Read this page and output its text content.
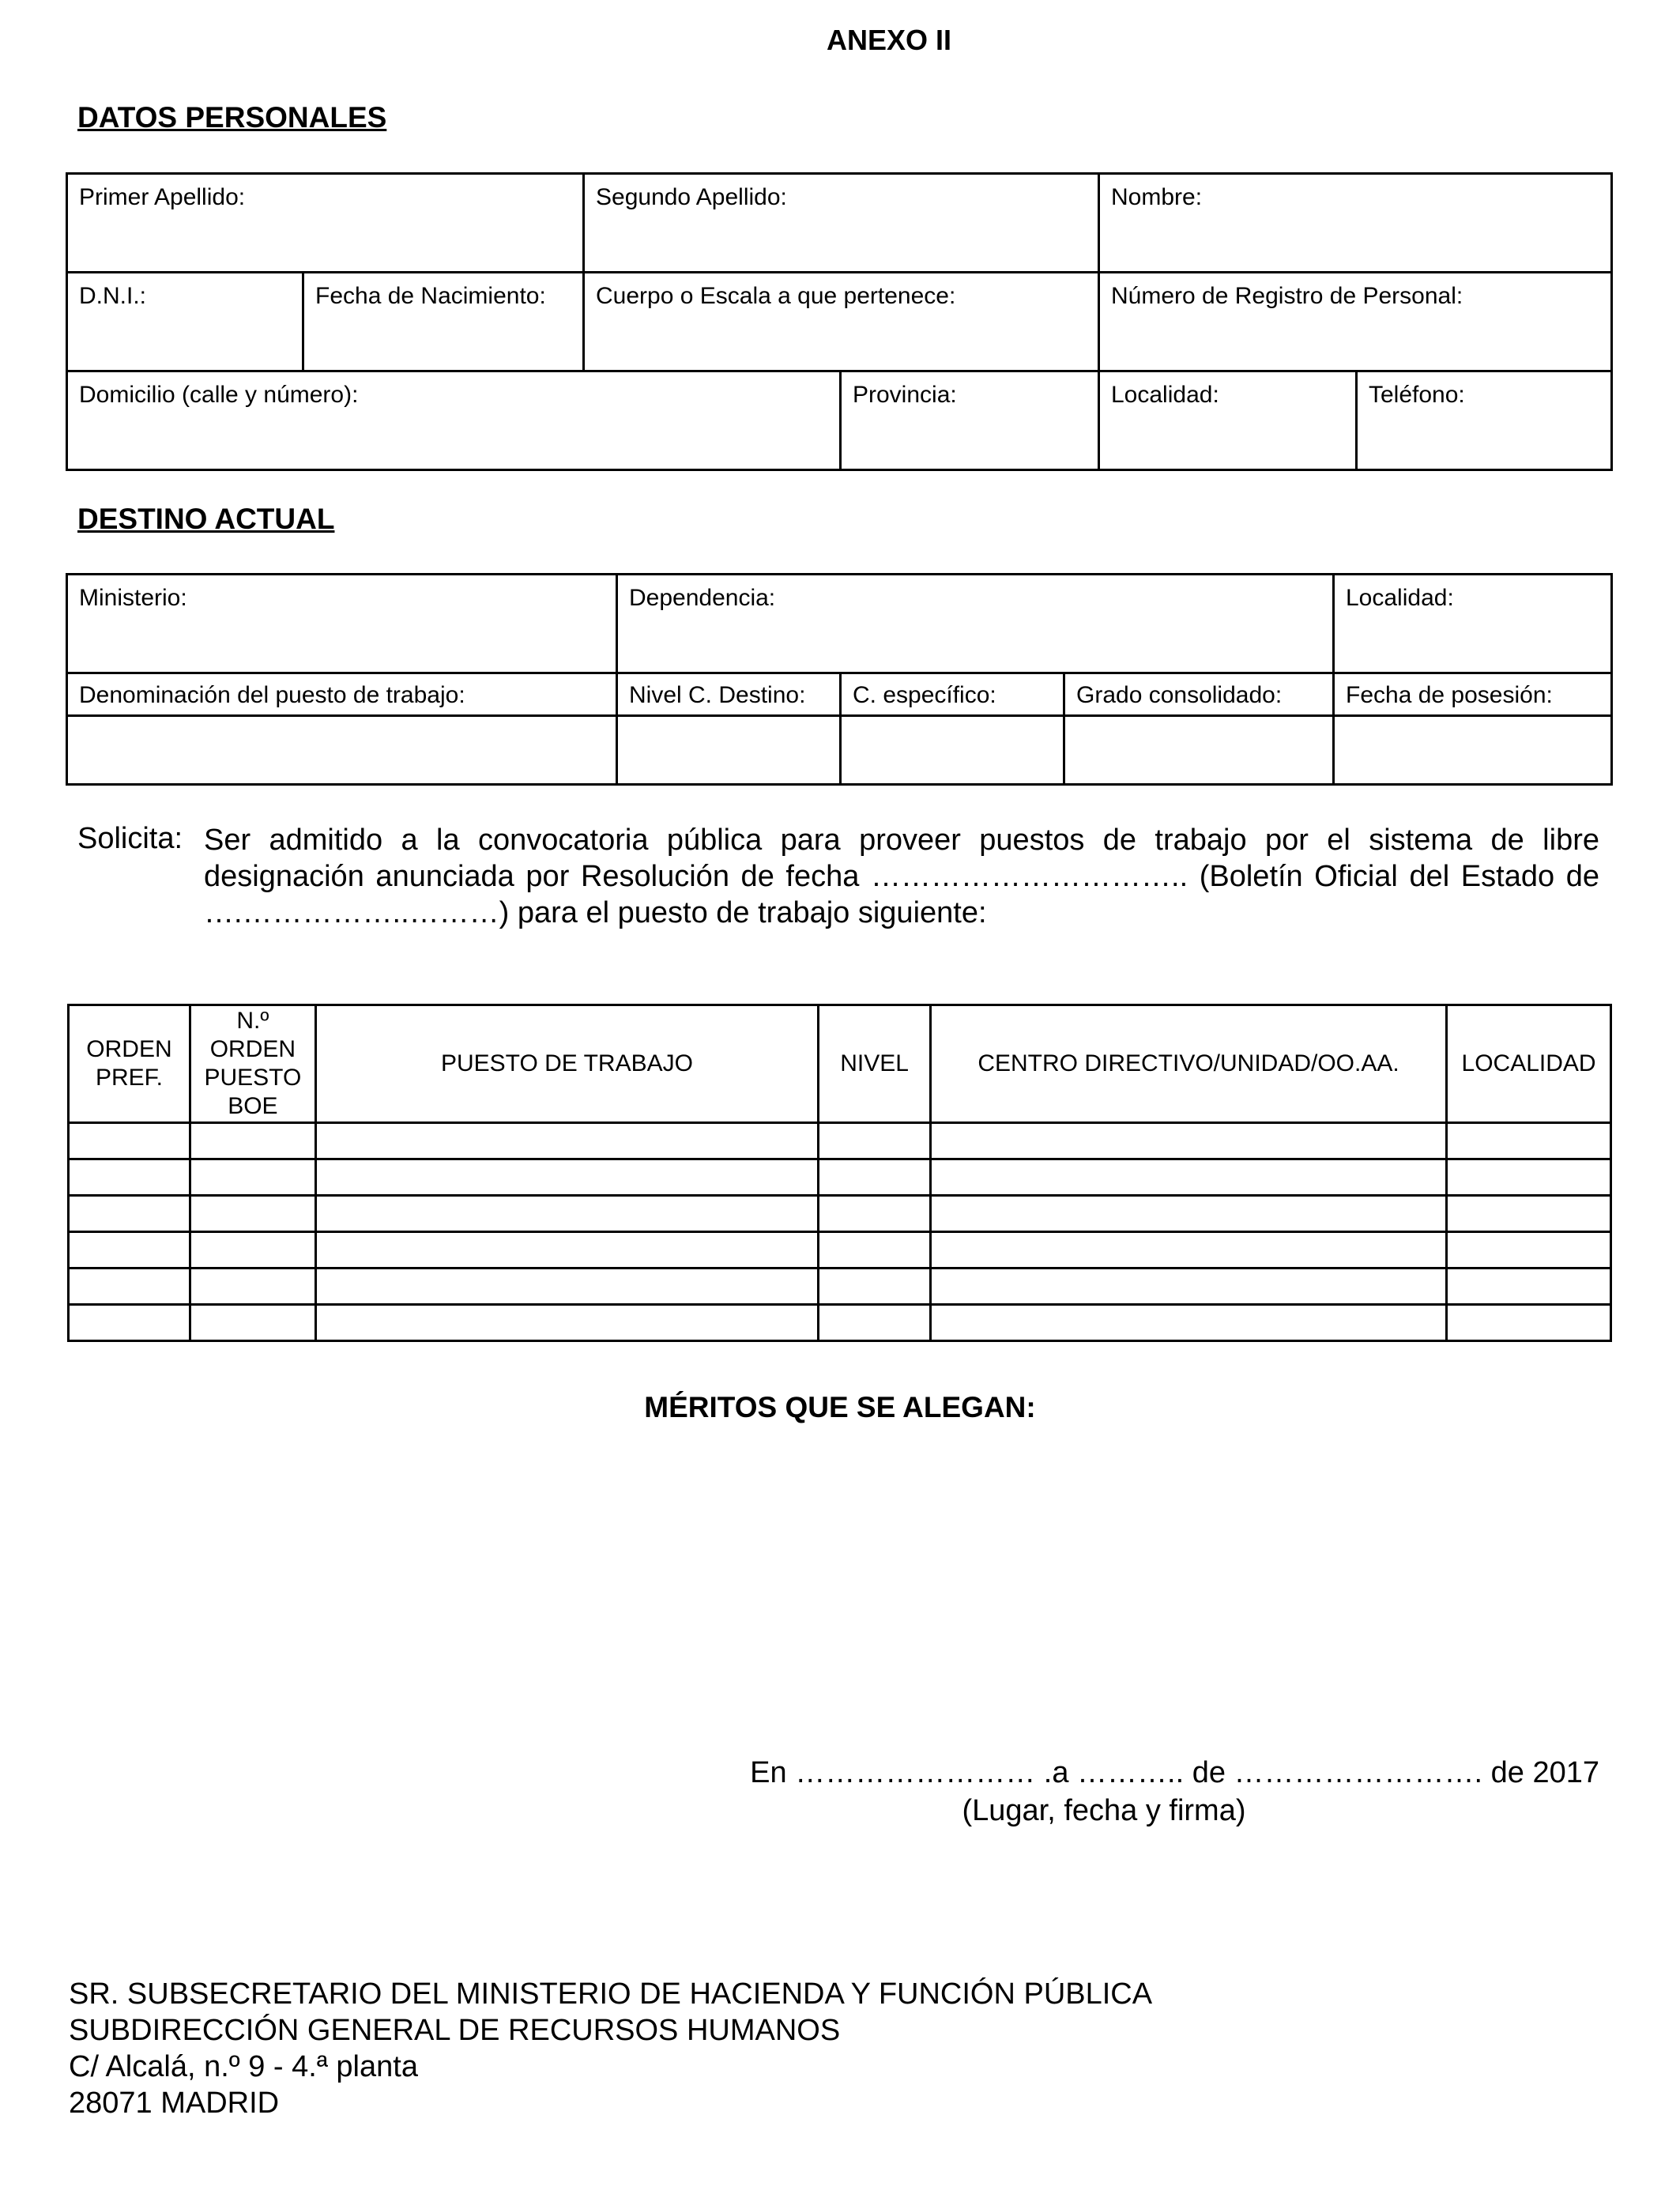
ANEXO II
DATOS PERSONALES
Primer Apellido:	Segundo Apellido:	Nombre:
D.N.I.:	Fecha de Nacimiento: Cuerpo o Escala a que pertenece:	Número de Registro de Personal:
Domicilio (calle y número):	Provincia:	Localidad:	Teléfono:
DESTINO ACTUAL
Ministerio:	Dependencia:	Localidad:
Denominación del puesto de trabajo:	Nivel C. Destino: C. específico:	Grado consolidado:	Fecha de posesión:
Solicita: Ser admitido a la convocatoria pública para proveer puestos de trabajo por el sistema de libre designación anunciada por Resolución de fecha ………………………….. (Boletín Oficial del Estado de ….……………..………) para el puesto de trabajo siguiente:
ORDEN PREF.	N.º ORDEN PUESTO BOE	PUESTO DE TRABAJO	NIVEL	CENTRO DIRECTIVO/UNIDAD/OO.AA.	LOCALIDAD

MÉRITOS QUE SE ALEGAN:
En …………………… .a ……….. de ……………………. de 2017
(Lugar, fecha y firma)
SR. SUBSECRETARIO DEL MINISTERIO DE HACIENDA Y FUNCIÓN PÚBLICA
SUBDIRECCIÓN GENERAL DE RECURSOS HUMANOS
C/ Alcalá, n.º 9 - 4.ª planta
28071 MADRID
